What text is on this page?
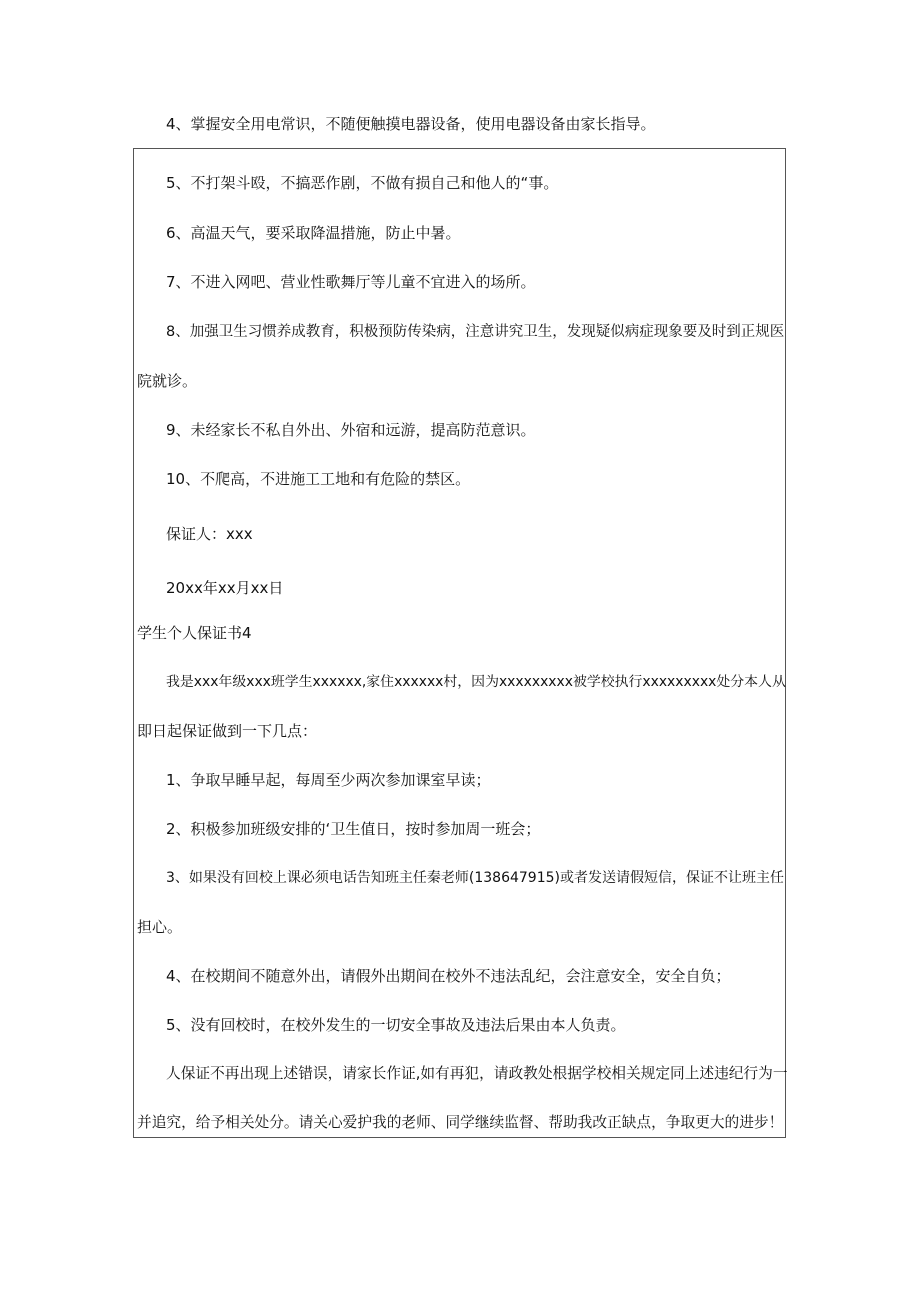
4、掌握安全用电常识，不随便触摸电器设备，使用电器设备由家长指导。

5、不打架斗殴，不搞恶作剧，不做有损自己和他人的“事。

6、高温天气，要采取降温措施，防止中暑。

7、不进入网吧、营业性歌舞厅等儿童不宜进入的场所。

8、加强卫生习惯养成教育，积极预防传染病，注意讲究卫生，发现疑似病症现象要及时到正规医

院就诊。

9、未经家长不私自外出、外宿和远游，提高防范意识。

10、不爬高，不进施工工地和有危险的禁区。

保证人：xxx

20xx年xx月xx日

学生个人保证书4

我是xxx年级xxx班学生xxxxxx,家住xxxxxx村，因为xxxxxxxxx被学校执行xxxxxxxxx处分本人从

即日起保证做到一下几点：

1、争取早睡早起，每周至少两次参加课室早读；

2、积极参加班级安排的‘卫生值日，按时参加周一班会；

3、如果没有回校上课必须电话告知班主任秦老师(138647915)或者发送请假短信，保证不让班主任

担心。

4、在校期间不随意外出，请假外出期间在校外不违法乱纪，会注意安全，安全自负；

5、没有回校时，在校外发生的一切安全事故及违法后果由本人负责。

人保证不再出现上述错误，请家长作证,如有再犯，请政教处根据学校相关规定同上述违纪行为一

并追究，给予相关处分。请关心爱护我的老师、同学继续监督、帮助我改正缺点，争取更大的进步！
